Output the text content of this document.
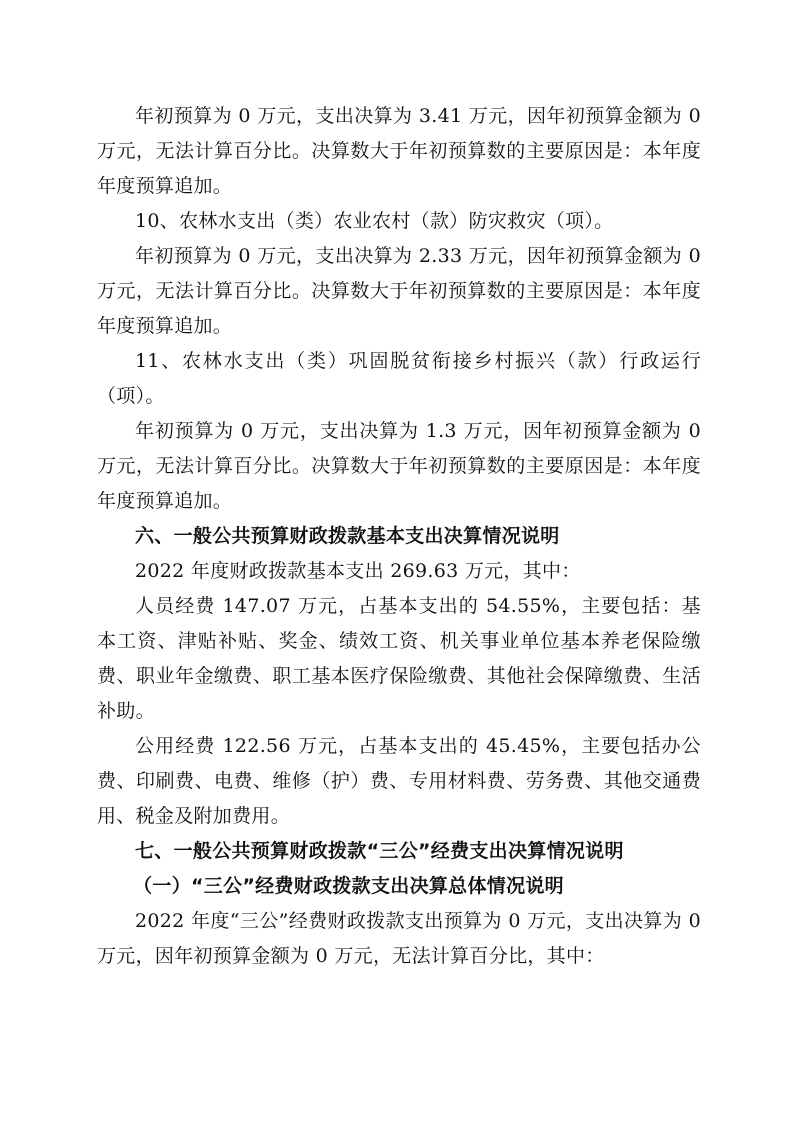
年初预算为 0 万元，支出决算为 3.41 万元，因年初预算金额为 0 万元，无法计算百分比。决算数大于年初预算数的主要原因是：本年度年度预算追加。

10、农林水支出（类）农业农村（款）防灾救灾（项）。

年初预算为 0 万元，支出决算为 2.33 万元，因年初预算金额为 0 万元，无法计算百分比。决算数大于年初预算数的主要原因是：本年度年度预算追加。

11、农林水支出（类）巩固脱贫衔接乡村振兴（款）行政运行（项）。

年初预算为 0 万元，支出决算为 1.3 万元，因年初预算金额为 0 万元，无法计算百分比。决算数大于年初预算数的主要原因是：本年度年度预算追加。

六、一般公共预算财政拨款基本支出决算情况说明

2022 年度财政拨款基本支出 269.63 万元，其中：

人员经费 147.07 万元，占基本支出的 54.55%，主要包括：基本工资、津贴补贴、奖金、绩效工资、机关事业单位基本养老保险缴费、职业年金缴费、职工基本医疗保险缴费、其他社会保障缴费、生活补助。

公用经费 122.56 万元，占基本支出的 45.45%，主要包括办公费、印刷费、电费、维修（护）费、专用材料费、劳务费、其他交通费用、税金及附加费用。

七、一般公共预算财政拨款“三公”经费支出决算情况说明

（一）“三公”经费财政拨款支出决算总体情况说明

2022 年度“三公”经费财政拨款支出预算为 0 万元，支出决算为 0 万元，因年初预算金额为 0 万元，无法计算百分比，其中：
